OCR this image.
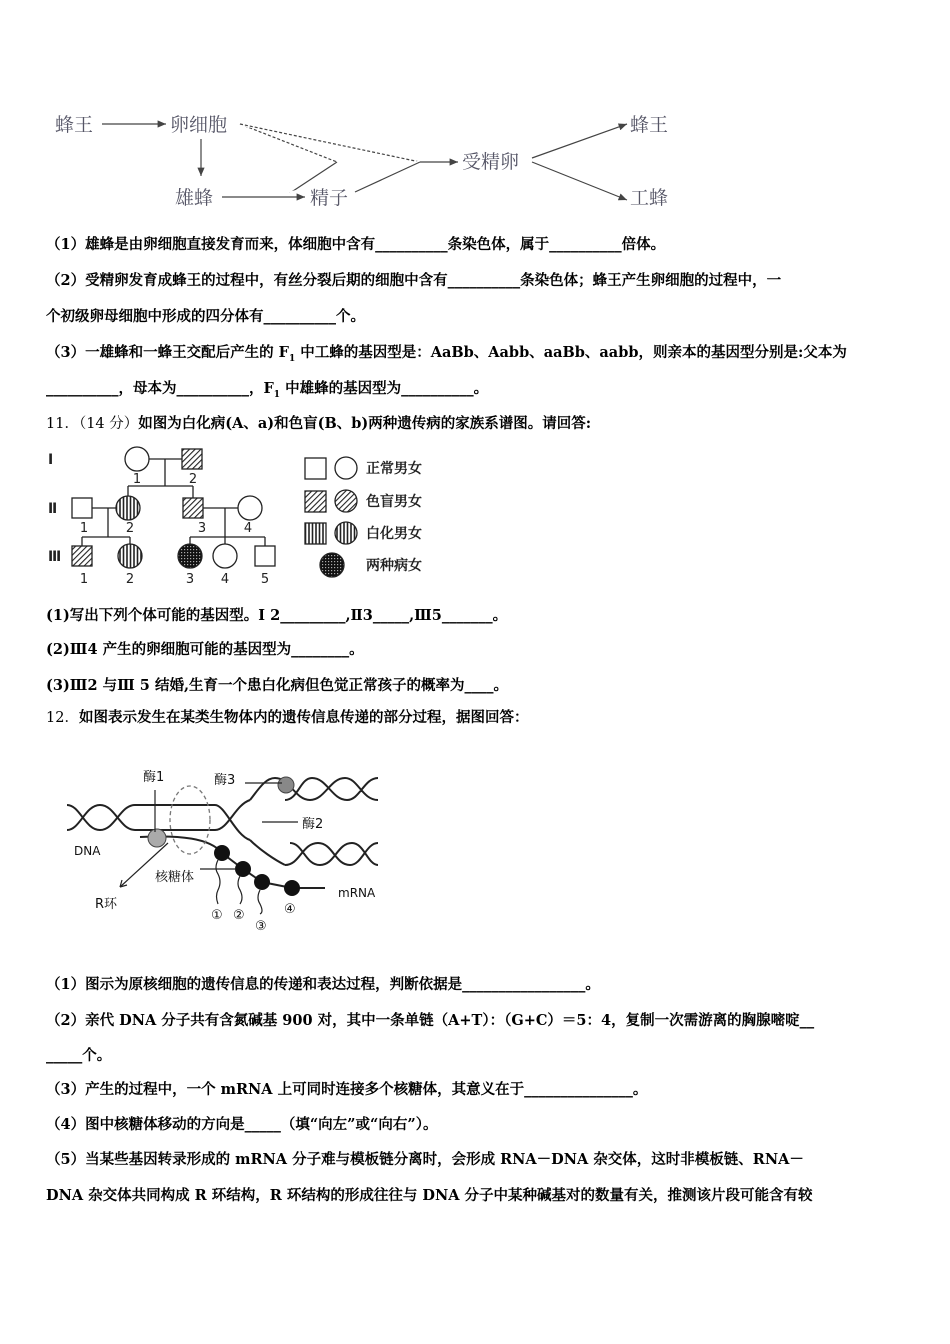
蜂王	卵细胞
雄蜂	精子
受精卵
蜂王
工蜂
（1）雄蜂是由卵细胞直接发育而来，体细胞中含有__________条染色体，属于__________倍体。
（2）受精卵发育成蜂王的过程中，有丝分裂后期的细胞中含有__________条染色体；蜂王产生卵细胞的过程中，一
个初级卵母细胞中形成的四分体有__________个。
（3）一雄蜂和一蜂王交配后产生的 $F_1$ 中工蜂的基因型是：AaBb、Aabb、aaBb、aabb，则亲本的基因型分别是:父本为
__________，母本为__________，$F_1$ 中雄蜂的基因型为__________。
11．（14 分）如图为白化病(A、a)和色盲(B、b)两种遗传病的家族系谱图。请回答:
Ⅰ
Ⅱ
Ⅲ
1	2
1	2	3	4
1	2	3 4 5
正常男女
色盲男女
白化男女
两种病女
(1)写出下列个体可能的基因型。Ⅰ 2_________,Ⅱ3_____,Ⅲ5_______。
(2)Ⅲ4 产生的卵细胞可能的基因型为________。
(3)Ⅲ2 与Ⅲ 5 结婚,生育一个患白化病但色觉正常孩子的概率为____。
12．如图表示发生在某类生物体内的遗传信息传递的部分过程，据图回答：
酶1	酶3
酶2
DNA
核糖体
R环
mRNA
① ②
③
④
（1）图示为原核细胞的遗传信息的传递和表达过程，判断依据是_________________。
（2）亲代 DNA 分子共有含氮碱基 900 对，其中一条单链（A+T）：（G+C）＝5：4，复制一次需游离的胸腺嘧啶__
_____个。
（3）产生的过程中，一个 mRNA 上可同时连接多个核糖体，其意义在于_______________。
（4）图中核糖体移动的方向是_____（填“向左”或“向右”）。
（5）当某些基因转录形成的 mRNA 分子难与模板链分离时，会形成 RNA－DNA 杂交体，这时非模板链、RNA－
DNA 杂交体共同构成 R 环结构，R 环结构的形成往往与 DNA 分子中某种碱基对的数量有关，推测该片段可能含有较
